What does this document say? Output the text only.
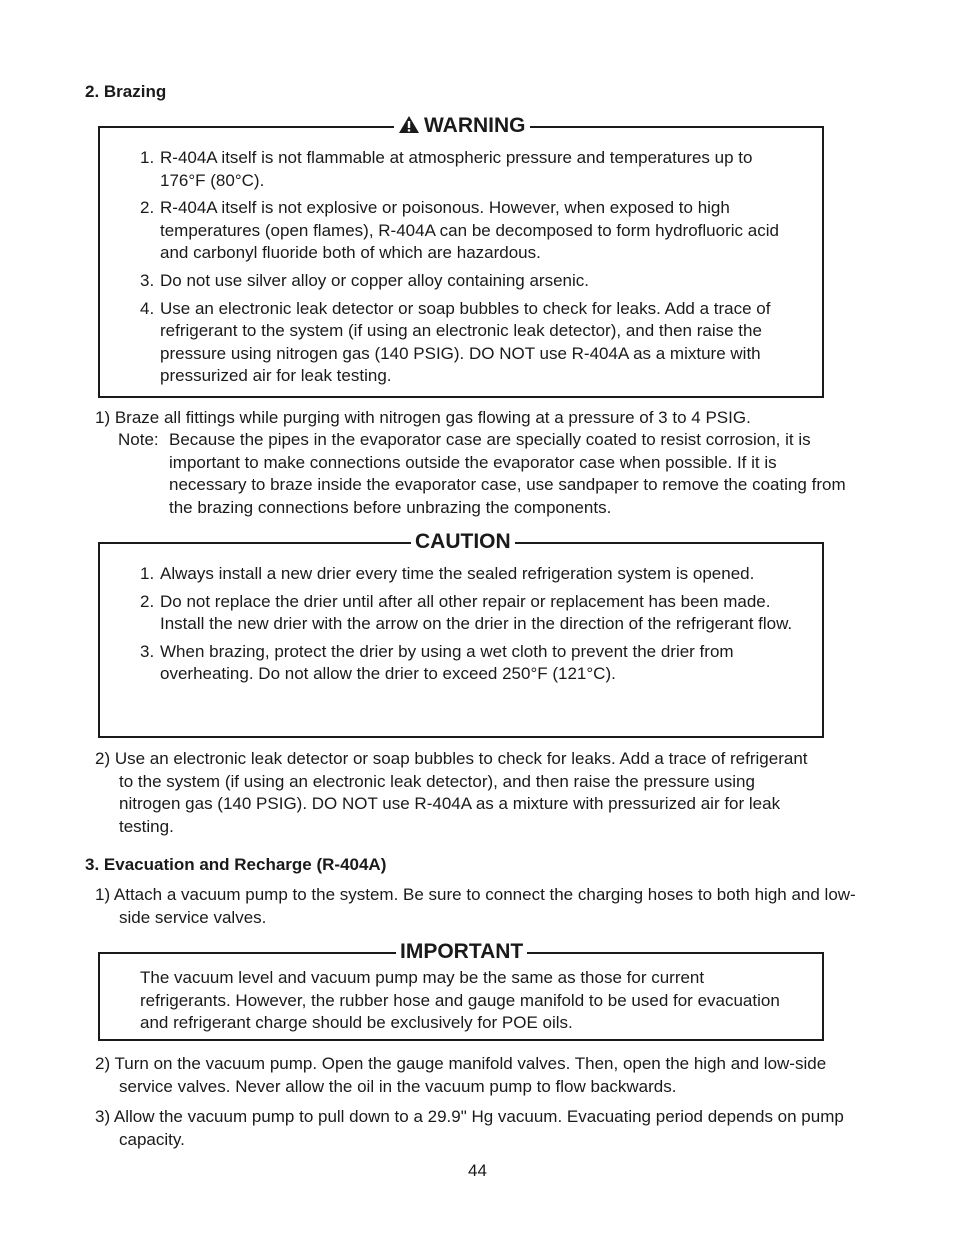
2. Brazing
WARNING
1. R-404A itself is not flammable at atmospheric pressure and temperatures up to 176°F (80°C).
2. R-404A itself is not explosive or poisonous. However, when exposed to high temperatures (open flames), R-404A can be decomposed to form hydrofluoric acid and carbonyl fluoride both of which are hazardous.
3. Do not use silver alloy or copper alloy containing arsenic.
4. Use an electronic leak detector or soap bubbles to check for leaks. Add a trace of refrigerant to the system (if using an electronic leak detector), and then raise the pressure using nitrogen gas (140 PSIG). DO NOT use R-404A as a mixture with pressurized air for leak testing.
1) Braze all fittings while purging with nitrogen gas flowing at a pressure of 3 to 4 PSIG.
Note: Because the pipes in the evaporator case are specially coated to resist corrosion, it is important to make connections outside the evaporator case when possible. If it is necessary to braze inside the evaporator case, use sandpaper to remove the coating from the brazing connections before unbrazing the components.
CAUTION
1. Always install a new drier every time the sealed refrigeration system is opened.
2. Do not replace the drier until after all other repair or replacement has been made. Install the new drier with the arrow on the drier in the direction of the refrigerant flow.
3. When brazing, protect the drier by using a wet cloth to prevent the drier from overheating. Do not allow the drier to exceed 250°F (121°C).
2) Use an electronic leak detector or soap bubbles to check for leaks. Add a trace of refrigerant to the system (if using an electronic leak detector), and then raise the pressure using nitrogen gas (140 PSIG). DO NOT use R-404A as a mixture with pressurized air for leak testing.
3. Evacuation and Recharge (R-404A)
1) Attach a vacuum pump to the system. Be sure to connect the charging hoses to both high and low-side service valves.
IMPORTANT
The vacuum level and vacuum pump may be the same as those for current refrigerants. However, the rubber hose and gauge manifold to be used for evacuation and refrigerant charge should be exclusively for POE oils.
2) Turn on the vacuum pump. Open the gauge manifold valves. Then, open the high and low-side service valves. Never allow the oil in the vacuum pump to flow backwards.
3) Allow the vacuum pump to pull down to a 29.9" Hg vacuum. Evacuating period depends on pump capacity.
44
